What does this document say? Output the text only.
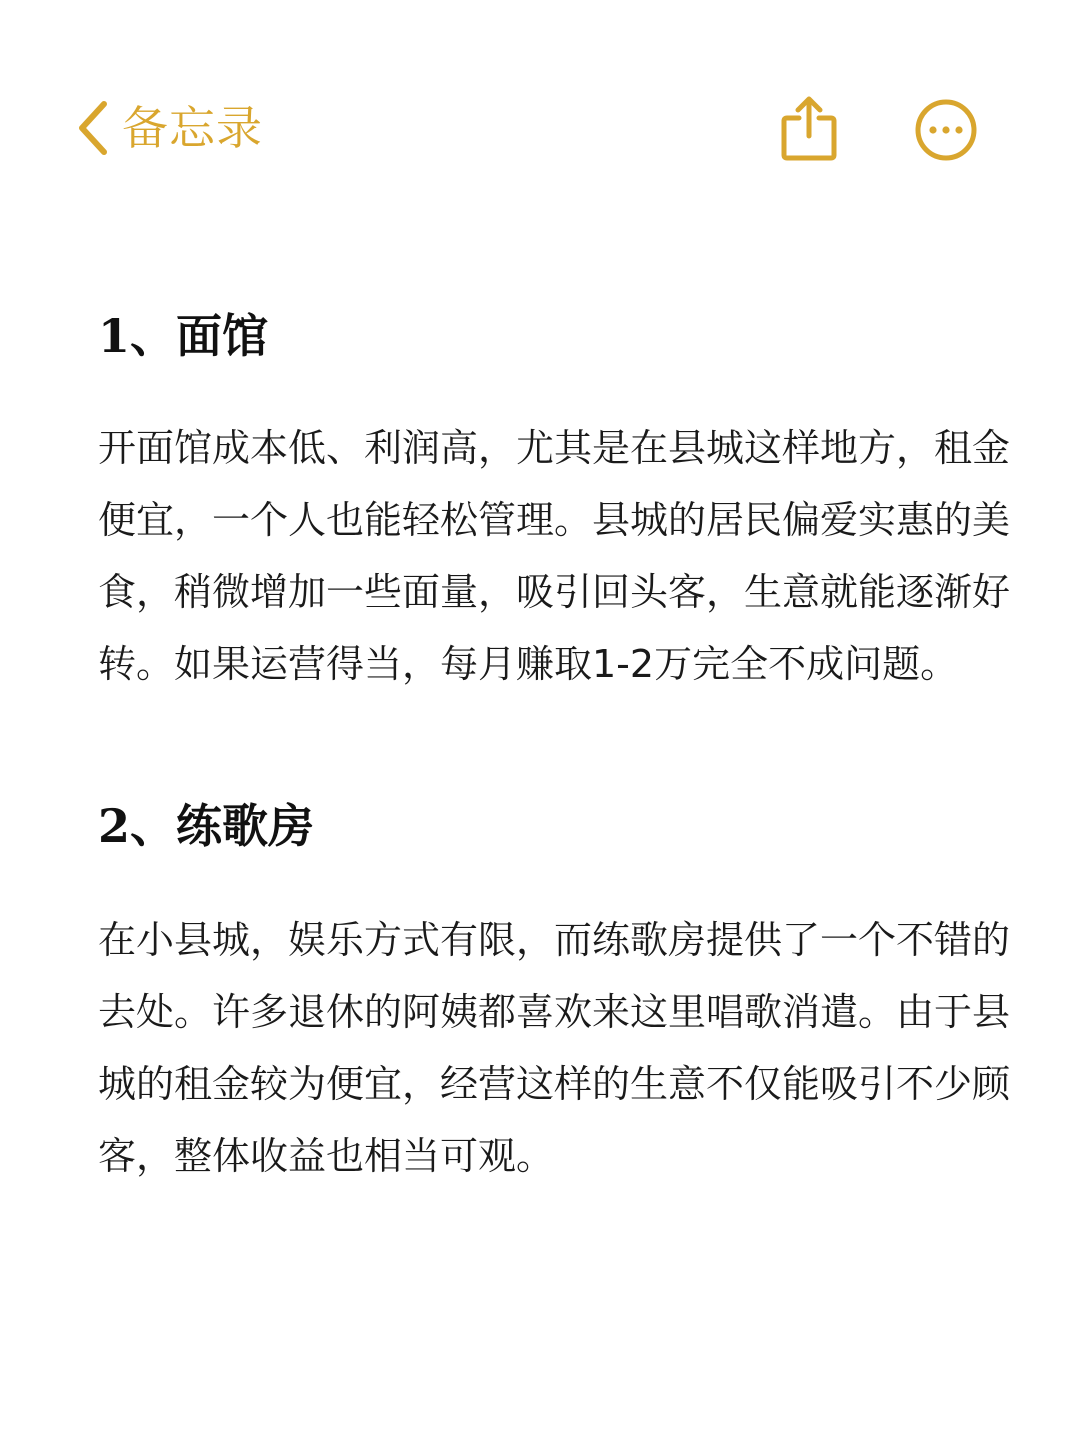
备忘录
1、面馆

开面馆成本低、利润高，尤其是在县城这样地方，租金便宜，一个人也能轻松管理。县城的居民偏爱实惠的美食，稍微增加一些面量，吸引回头客，生意就能逐渐好转。如果运营得当，每月赚取1-2万完全不成问题。

2、练歌房

在小县城，娱乐方式有限，而练歌房提供了一个不错的去处。许多退休的阿姨都喜欢来这里唱歌消遣。由于县城的租金较为便宜，经营这样的生意不仅能吸引不少顾客，整体收益也相当可观。
